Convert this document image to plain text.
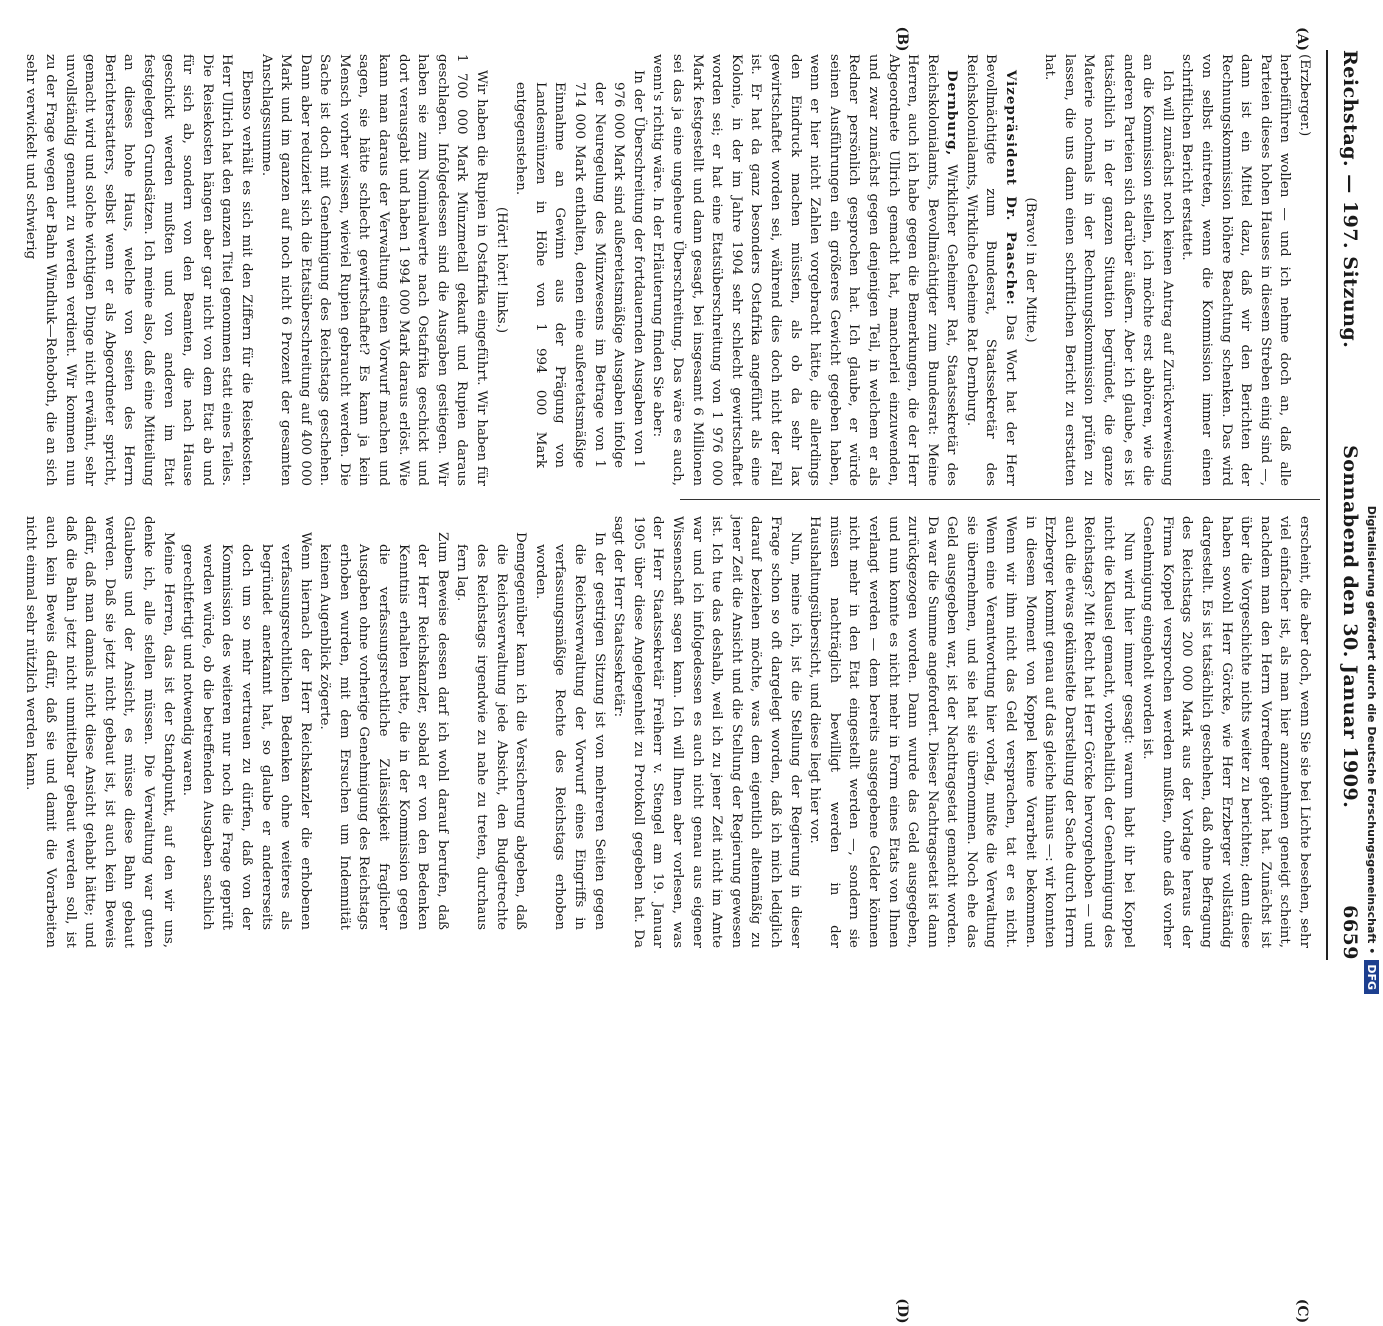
Reichstag. — 197. Sitzung.
Sonnabend den 30. Januar 1909.
6659
(A)
(B)
(C)
(D)

(Erzberger.)

herbeiführen wollen — und ich nehme doch an, daß alle Parteien dieses hohen Hauses in diesem Streben einig sind —, dann ist ein Mittel dazu, daß wir den Berichten der Rechnungskommission höhere Beachtung schenken. Das wird von selbst eintreten, wenn die Kommission immer einen schriftlichen Bericht erstattet.

Ich will zunächst noch keinen Antrag auf Zurückverweisung an die Kommission stellen, ich möchte erst abhören, wie die anderen Parteien sich darüber äußern. Aber ich glaube, es ist tatsächlich in der ganzen Situation begründet, die ganze Materie nochmals in der Rechnungskommission prüfen zu lassen, die uns dann einen schriftlichen Bericht zu erstatten hat.

(Bravo! in der Mitte.)

Vizepräsident Dr. Paasche: Das Wort hat der Herr Bevollmächtigte zum Bundesrat, Staatssekretär des Reichskolonialamts, Wirkliche Geheime Rat Dernburg.

Dernburg, Wirklicher Geheimer Rat, Staatssekretär des Reichskolonialamts, Bevollmächtigter zum Bundesrat: Meine Herren, auch ich habe gegen die Bemerkungen, die der Herr Abgeordnete Ullrich gemacht hat, mancherlei einzuwenden, und zwar zunächst gegen denjenigen Teil, in welchem er als Redner persönlich gesprochen hat. Ich glaube, er würde seinen Ausführungen ein größeres Gewicht gegeben haben, wenn er hier nicht Zahlen vorgebracht hätte, die allerdings den Eindruck machen müssten, als ob da sehr lax gewirtschaftet worden sei, während dies doch nicht der Fall ist. Er hat da ganz besonders Ostafrika angeführt als eine Kolonie, in der im Jahre 1904 sehr schlecht gewirtschaftet worden sei; er hat eine Etatsüberschreitung von 1 976 000 Mark festgestellt und dann gesagt, bei insgesamt 6 Millionen sei das ja eine ungeheure Überschreitung. Das wäre es auch, wenn's richtig wäre. In der Erläuterung finden Sie aber:

In der Überschreitung der fortdauernden Ausgaben von 1 976 000 Mark sind außeretatsmäßige Ausgaben infolge der Neuregelung des Münzwesens im Betrage von 1 714 000 Mark enthalten, denen eine außeretatsmäßige Einnahme an Gewinn aus der Prägung von Landesmünzen in Höhe von 1 994 000 Mark entgegenstehen.

(Hört! hört! links.)

Wir haben die Rupien in Ostafrika eingeführt. Wir haben für 1 700 000 Mark Münzmetall gekauft und Rupien daraus geschlagen. Infolgedessen sind die Ausgaben gestiegen. Wir haben sie zum Nominalwerte nach Ostafrika geschickt und dort verausgabt und haben 1 994 000 Mark daraus erlöst. Wie kann man daraus der Verwaltung einen Vorwurf machen und sagen, sie hätte schlecht gewirtschaftet? Es kann ja kein Mensch vorher wissen, wieviel Rupien gebraucht werden. Die Sache ist doch mit Genehmigung des Reichstags geschehen. Dann aber reduziert sich die Etatsüberschreitung auf 400 000 Mark und im ganzen auf noch nicht 6 Prozent der gesamten Anschlagssumme.

Ebenso verhält es sich mit den Ziffern für die Reisekosten. Herr Ullrich hat den ganzen Titel genommen statt eines Teiles. Die Reisekosten hängen aber gar nicht von dem Etat ab und für sich ab, sondern von den Beamten, die nach Hause geschickt werden mußten und von anderen im Etat festgelegten Grundsätzen. Ich meine also, daß eine Mitteilung an dieses hohe Haus, welche von seiten des Herrn Berichterstatters, selbst wenn er als Abgeordneter spricht, gemacht wird und solche wichtigen Dinge nicht erwähnt, sehr unvollständig genannt zu werden verdient. Wir kommen nun zu der Frage wegen der Bahn Windhuk—Rehoboth, die an sich sehr verwickelt und schwierig

erscheint, die aber doch, wenn Sie sie bei Lichte besehen, sehr viel einfacher ist, als man hier anzunehmen geneigt scheint, nachdem man den Herrn Vorredner gehört hat. Zunächst ist über die Vorgeschichte nichts weiter zu berichten; denn diese haben sowohl Herr Görcke, wie Herr Erzberger vollständig dargestellt. Es ist tatsächlich geschehen, daß ohne Befragung des Reichstags 200 000 Mark aus der Vorlage heraus der Firma Koppel versprochen werden mußten, ohne daß vorher Genehmigung eingeholt worden ist.

Nun wird hier immer gesagt: warum habt ihr bei Koppel nicht die Klausel gemacht, vorbehaltlich der Genehmigung des Reichstags? Mit Recht hat Herr Görcke hervorgehoben — und auch die etwas gekünstelte Darstellung der Sache durch Herrn Erzberger kommt genau auf das gleiche hinaus —: wir konnten in diesem Moment von Koppel keine Vorarbeit bekommen. Wenn wir ihm nicht das Geld versprachen, tat er es nicht. Wenn eine Verantwortung hier vorlag, mußte die Verwaltung sie übernehmen, und sie hat sie übernommen. Noch ehe das Geld ausgegeben war, ist der Nachtragsetat gemacht worden. Da war die Summe angefordert. Dieser Nachtragsetat ist dann zurückgezogen worden. Dann wurde das Geld ausgegeben, und nun konnte es nicht mehr in Form eines Etats von Ihnen verlangt werden — dem bereits ausgegebene Gelder können nicht mehr in den Etat eingestellt werden —, sondern sie müssen nachträglich bewilligt werden in der Haushaltungsübersicht, und diese liegt hier vor.

Nun, meine ich, ist die Stellung der Regierung in dieser Frage schon so oft dargelegt worden, daß ich mich lediglich darauf beziehen möchte, was dem eigentlich altenmäßig zu jener Zeit die Ansicht und die Stellung der Regierung gewesen ist. Ich tue das deshalb, weil ich zu jener Zeit nicht im Amte war und ich infolgedessen es auch nicht genau aus eigener Wissenschaft sagen kann. Ich will Ihnen aber vorlesen, was der Herr Staatssekretär Freiherr v. Stengel am 19. Januar 1905 über diese Angelegenheit zu Protokoll gegeben hat. Da sagt der Herr Staatssekretär:

In der gestrigen Sitzung ist von mehreren Seiten gegen die Reichsverwaltung der Vorwurf eines Eingriffs in verfassungsmäßige Rechte des Reichstags erhoben worden.

Demgegenüber kann ich die Versicherung abgeben, daß die Reichsverwaltung jede Absicht, den Budgetrechte des Reichstags irgendwie zu nahe zu treten, durchaus fern lag.

Zum Beweise dessen darf ich wohl darauf berufen, daß der Herr Reichskanzler, sobald er von den Bedenken Kenntnis erhalten hatte, die in der Kommission gegen die verfassungsrechtliche Zulässigkeit fraglicher Ausgaben ohne vorherige Genehmigung des Reichstags erhoben wurden, mit dem Ersuchen um Indemnität keinen Augenblick zögerte.

Wenn hiernach der Herr Reichskanzler die erhobenen verfassungsrechtlichen Bedenken ohne weiteres als begründet anerkannt hat, so glaube er andererseits doch um so mehr vertrauen zu dürfen, daß von der Kommission des weiteren nur noch die Frage geprüft werden würde, ob die betreffenden Ausgaben sachlich gerechtfertigt und notwendig waren.

Meine Herren, das ist der Standpunkt, auf den wir uns, denke ich, alle stellen müssen. Die Verwaltung war guten Glaubens und der Ansicht, es müsse diese Bahn gebaut werden. Daß sie jetzt nicht gebaut ist, ist auch kein Beweis dafür, daß man damals nicht diese Ansicht gehabt hätte; und daß die Bahn jetzt nicht unmittelbar gebaut werden soll, ist auch kein Beweis dafür, daß sie und damit die Vorarbeiten nicht einmal sehr nützlich werden kann.	Digitalisierung gefördert durch die Deutsche Forschungsgemeinschaft •DFG
